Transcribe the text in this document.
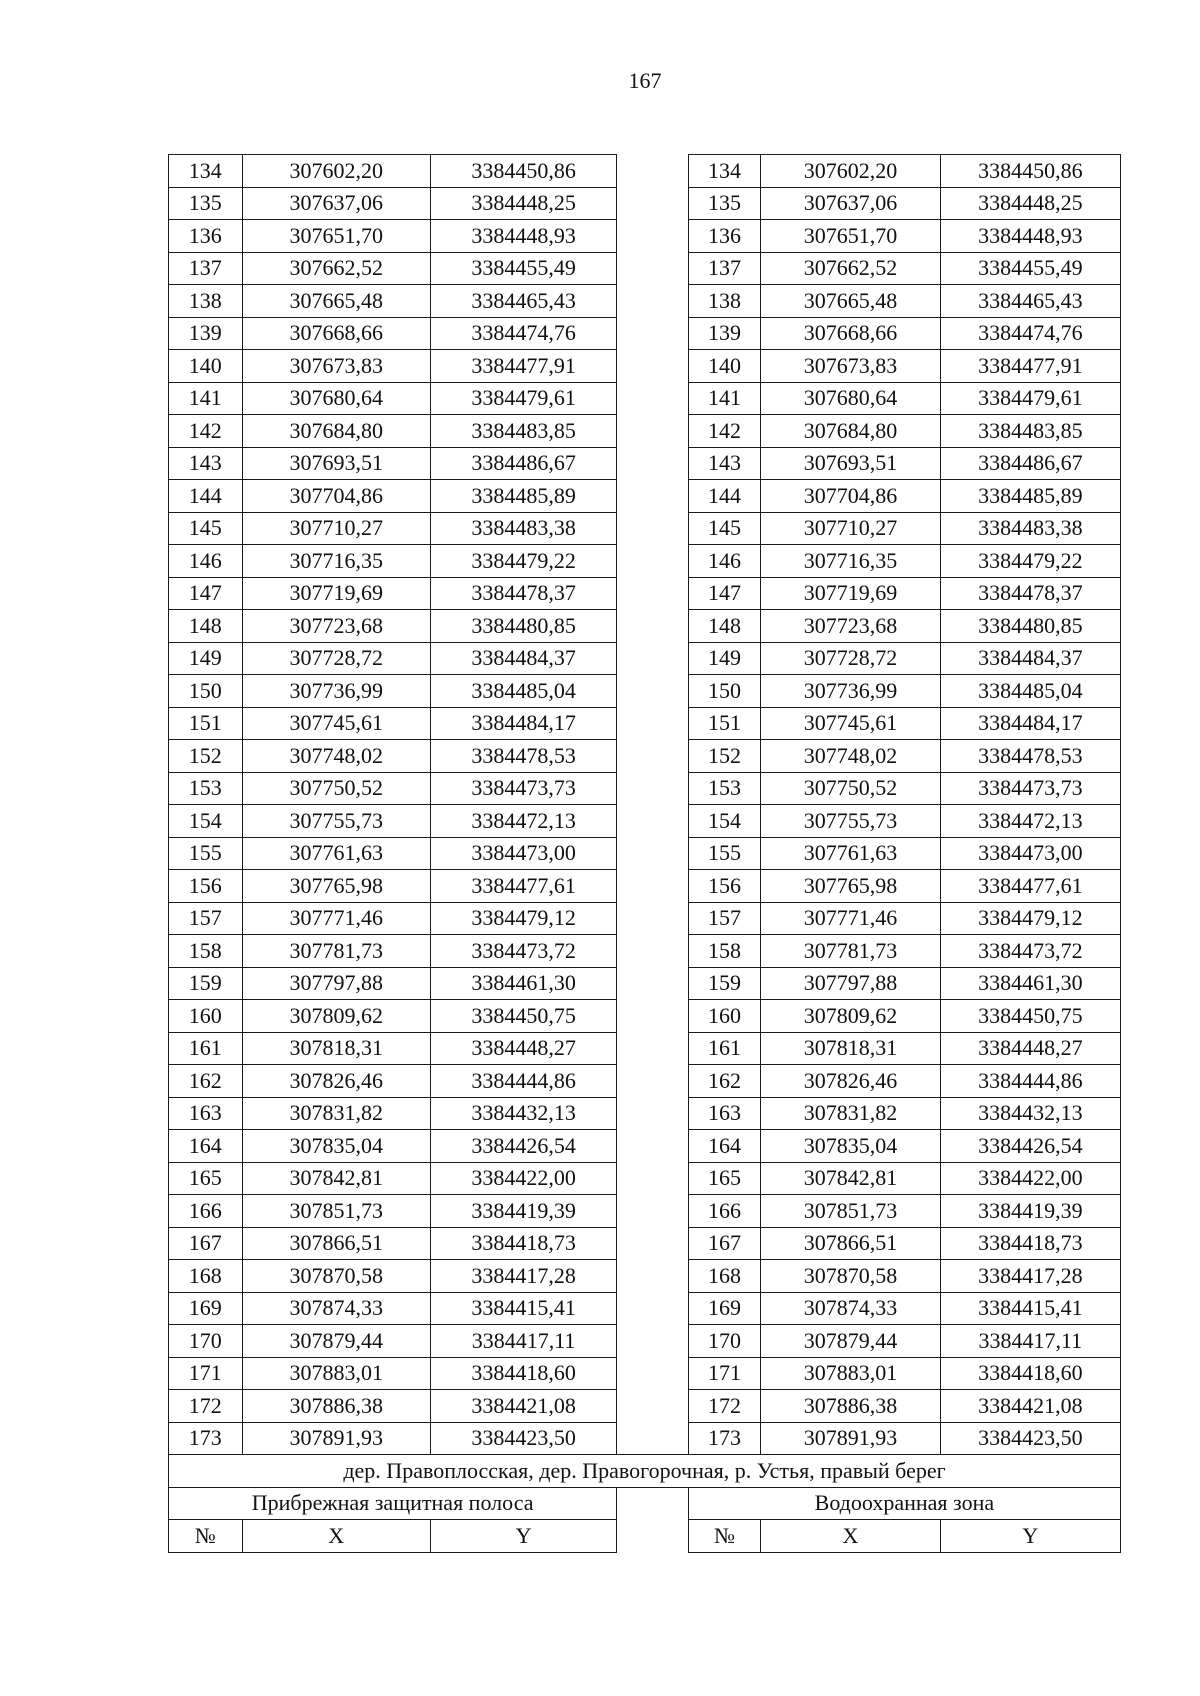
167
134	307602,20	3384450,86		134	307602,20	3384450,86
135	307637,06	3384448,25		135	307637,06	3384448,25
136	307651,70	3384448,93		136	307651,70	3384448,93
137	307662,52	3384455,49		137	307662,52	3384455,49
138	307665,48	3384465,43		138	307665,48	3384465,43
139	307668,66	3384474,76		139	307668,66	3384474,76
140	307673,83	3384477,91		140	307673,83	3384477,91
141	307680,64	3384479,61		141	307680,64	3384479,61
142	307684,80	3384483,85		142	307684,80	3384483,85
143	307693,51	3384486,67		143	307693,51	3384486,67
144	307704,86	3384485,89		144	307704,86	3384485,89
145	307710,27	3384483,38		145	307710,27	3384483,38
146	307716,35	3384479,22		146	307716,35	3384479,22
147	307719,69	3384478,37		147	307719,69	3384478,37
148	307723,68	3384480,85		148	307723,68	3384480,85
149	307728,72	3384484,37		149	307728,72	3384484,37
150	307736,99	3384485,04		150	307736,99	3384485,04
151	307745,61	3384484,17		151	307745,61	3384484,17
152	307748,02	3384478,53		152	307748,02	3384478,53
153	307750,52	3384473,73		153	307750,52	3384473,73
154	307755,73	3384472,13		154	307755,73	3384472,13
155	307761,63	3384473,00		155	307761,63	3384473,00
156	307765,98	3384477,61		156	307765,98	3384477,61
157	307771,46	3384479,12		157	307771,46	3384479,12
158	307781,73	3384473,72		158	307781,73	3384473,72
159	307797,88	3384461,30		159	307797,88	3384461,30
160	307809,62	3384450,75		160	307809,62	3384450,75
161	307818,31	3384448,27		161	307818,31	3384448,27
162	307826,46	3384444,86		162	307826,46	3384444,86
163	307831,82	3384432,13		163	307831,82	3384432,13
164	307835,04	3384426,54		164	307835,04	3384426,54
165	307842,81	3384422,00		165	307842,81	3384422,00
166	307851,73	3384419,39		166	307851,73	3384419,39
167	307866,51	3384418,73		167	307866,51	3384418,73
168	307870,58	3384417,28		168	307870,58	3384417,28
169	307874,33	3384415,41		169	307874,33	3384415,41
170	307879,44	3384417,11		170	307879,44	3384417,11
171	307883,01	3384418,60		171	307883,01	3384418,60
172	307886,38	3384421,08		172	307886,38	3384421,08
173	307891,93	3384423,50		173	307891,93	3384423,50
дер. Правоплосская, дер. Правогорочная, р. Устья, правый берег						
Прибрежная защитная полоса				Водоохранная зона		
№	X	Y		№	X	Y
